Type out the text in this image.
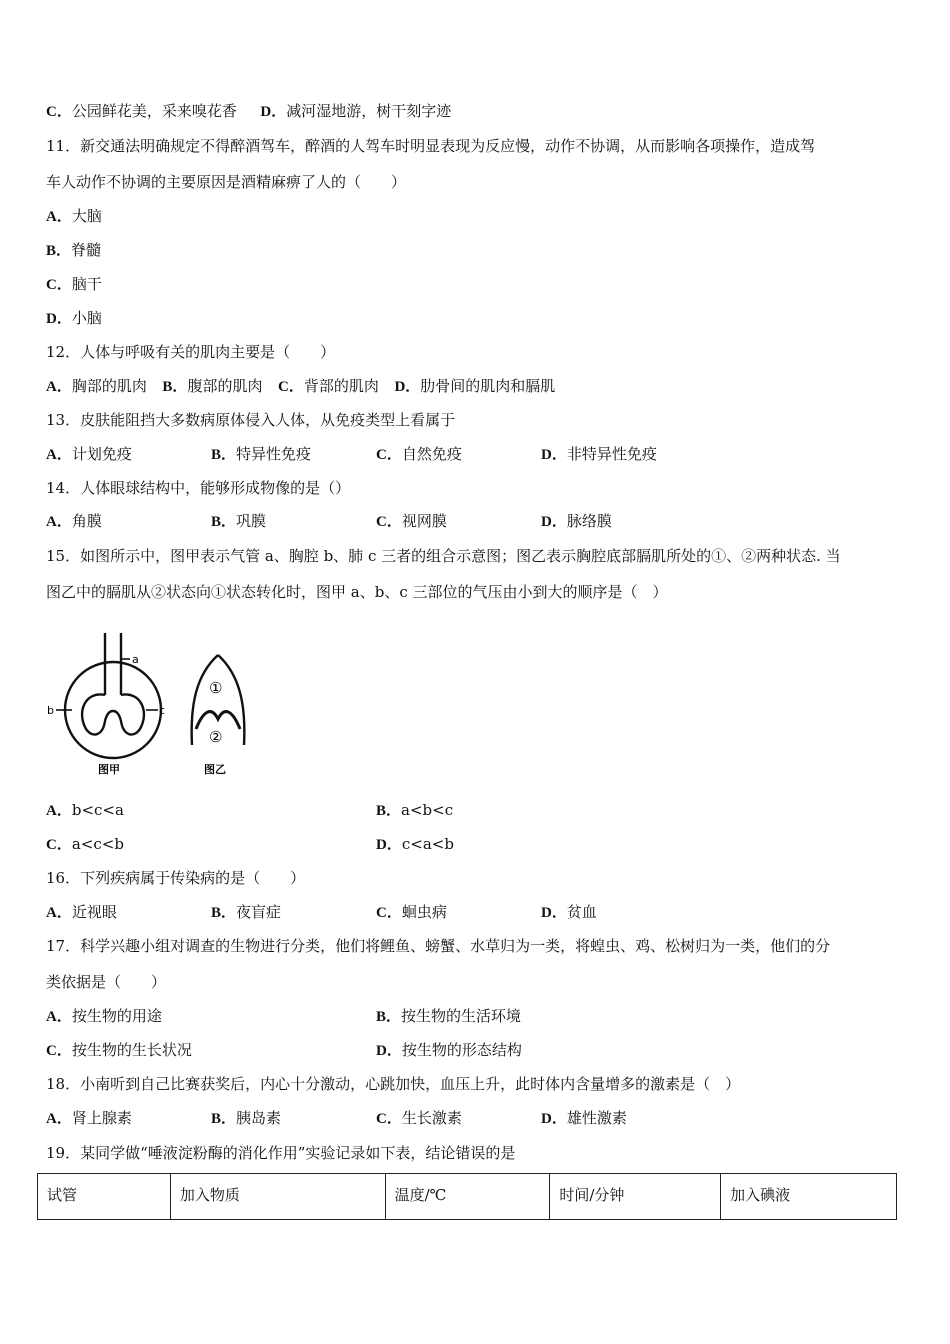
C．公园鲜花美，采来嗅花香 D．减河湿地游，树干刻字迹
11．新交通法明确规定不得醉酒驾车，醉酒的人驾车时明显表现为反应慢，动作不协调，从而影响各项操作，造成驾
车人动作不协调的主要原因是酒精麻痹了人的（　　）
A．大脑
B．脊髓
C．脑干
D．小脑
12．人体与呼吸有关的肌肉主要是（　　）
A．胸部的肌肉 B．腹部的肌肉 C．背部的肌肉 D．肋骨间的肌肉和膈肌
13．皮肤能阻挡大多数病原体侵入人体，从免疫类型上看属于
A．计划免疫	B．特异性免疫	C．自然免疫	D．非特异性免疫
14．人体眼球结构中，能够形成物像的是（）
A．角膜	B．巩膜	C．视网膜	D．脉络膜
15．如图所示中，图甲表示气管 a、胸腔 b、肺 c 三者的组合示意图；图乙表示胸腔底部膈肌所处的①、②两种状态. 当
图乙中的膈肌从②状态向①状态转化时，图甲 a、b、c 三部位的气压由小到大的顺序是（　）
a
b	c
图甲
①
②
图乙
A．b<c<a	B．a<b<c
C．a<c<b	D．c<a<b
16．下列疾病属于传染病的是（　　）
A．近视眼	B．夜盲症	C．蛔虫病	D．贫血
17．科学兴趣小组对调查的生物进行分类，他们将鲤鱼、螃蟹、水草归为一类，将蝗虫、鸡、松树归为一类，他们的分
类依据是（　　）
A．按生物的用途	B．按生物的生活环境
C．按生物的生长状况	D．按生物的形态结构
18．小南听到自己比赛获奖后，内心十分激动，心跳加快，血压上升，此时体内含量增多的激素是（　）
A．肾上腺素	B．胰岛素	C．生长激素	D．雄性激素
19．某同学做“唾液淀粉酶的消化作用”实验记录如下表，结论错误的是
试管	加入物质	温度/℃	时间/分钟	加入碘液
